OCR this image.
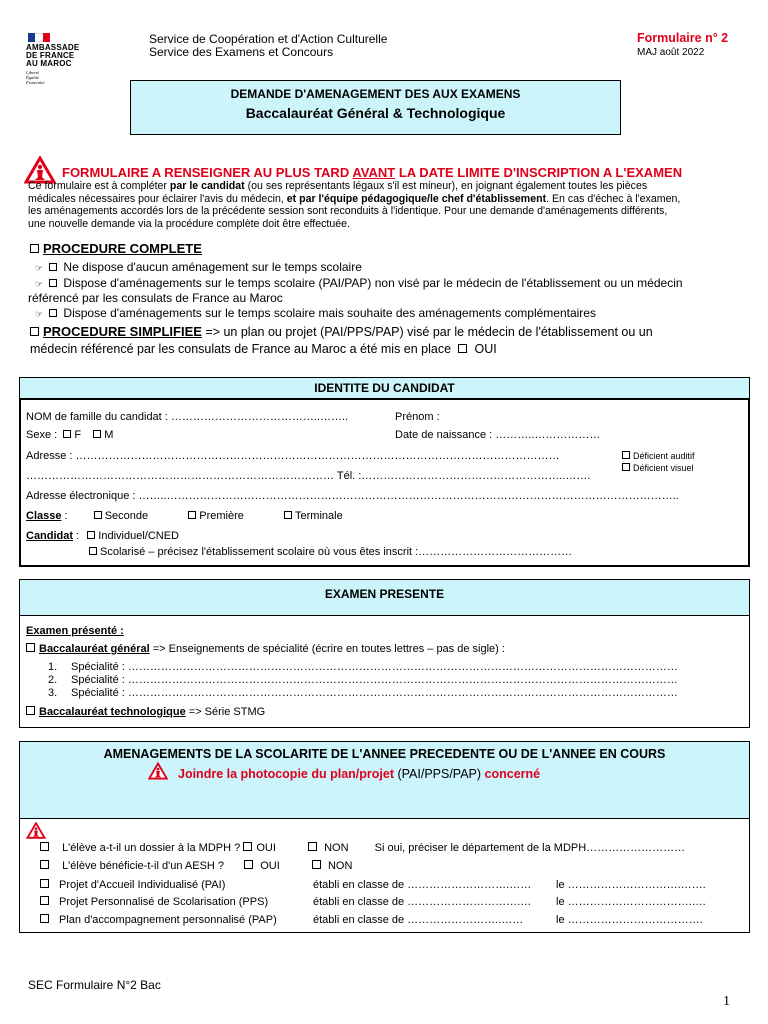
AMBASSADE
DE FRANCE
AU MAROC
Liberté
Égalité
Fraternité
Service de Coopération et d'Action Culturelle
Service des Examens et Concours
Formulaire n° 2
MAJ août 2022
DEMANDE D'AMENAGEMENT DES AUX EXAMENS
Baccalauréat Général & Technologique
FORMULAIRE A RENSEIGNER AU PLUS TARD AVANT LA DATE LIMITE D'INSCRIPTION A L'EXAMEN
Ce formulaire est à compléter par le candidat (ou ses représentants légaux s'il est mineur), en joignant également toutes les pièces
médicales nécessaires pour éclairer l'avis du médecin, et par l'équipe pédagogique/le chef d'établissement. En cas d'échec à l'examen,
les aménagements accordés lors de la précédente session sont reconduits à l'identique. Pour une demande d'aménagements différents,
une nouvelle demande via la procédure complète doit être effectuée.
PROCEDURE COMPLETE
☞ Ne dispose d'aucun aménagement sur le temps scolaire
☞ Dispose d'aménagements sur le temps scolaire (PAI/PAP) non visé par le médecin de l'établissement ou un médecin
référencé par les consulats de France au Maroc
☞ Dispose d'aménagements sur le temps scolaire mais souhaite des aménagements complémentaires
PROCEDURE SIMPLIFIEE => un plan ou projet (PAI/PPS/PAP) visé par le médecin de l'établissement ou un
médecin référencé par les consulats de France au Maroc a été mis en place OUI
IDENTITE DU CANDIDAT
NOM de famille du candidat : …………………………………..……..	Prénom :
Sexe : F M	Date de naissance : ………..………………
Adresse : ……………………………………………………………………………………………………………………
………………………………………………………………………… Tél. :………………………………………………..…….
Déficient auditif
Déficient visuel
Adresse électronique : ……..…………………………………………………………………………………………………………………………..
Classe :	Seconde	Première	Terminale
Candidat :  Individuel/CNED
Scolarisé – précisez l'établissement scolaire où vous êtes inscrit :……………………………………
EXAMEN PRESENTE
Examen présenté :
Baccalauréat général => Enseignements de spécialité (écrire en toutes lettres – pas de sigle) :
1. Spécialité : ……………………………………………………………………………………………………………………………………
2. Spécialité : ……………………………………………………………………………………………………………………………………
3. Spécialité : ……………………………………………………………………………………………………………………………………
Baccalauréat technologique => Série STMG
AMENAGEMENTS DE LA SCOLARITE DE L'ANNEE PRECEDENTE OU DE L'ANNEE EN COURS
Joindre la photocopie du plan/projet (PAI/PPS/PAP) concerné
L'élève a-t-il un dossier à la MDPH ? OUI	NON Si oui, préciser le département de la MDPH………………………
L'élève bénéficie-t-il d'un AESH ?	OUI	NON
Projet d'Accueil Individualisé (PAI)	établi en classe de ……………………….…… le ………………………….…….
Projet Personnalisé de Scolarisation (PPS)	établi en classe de ………………………….… le …………………………….….
Plan d'accompagnement personnalisé (PAP)	établi en classe de ……………………..……	le ……………………………….
SEC Formulaire N°2 Bac
1
